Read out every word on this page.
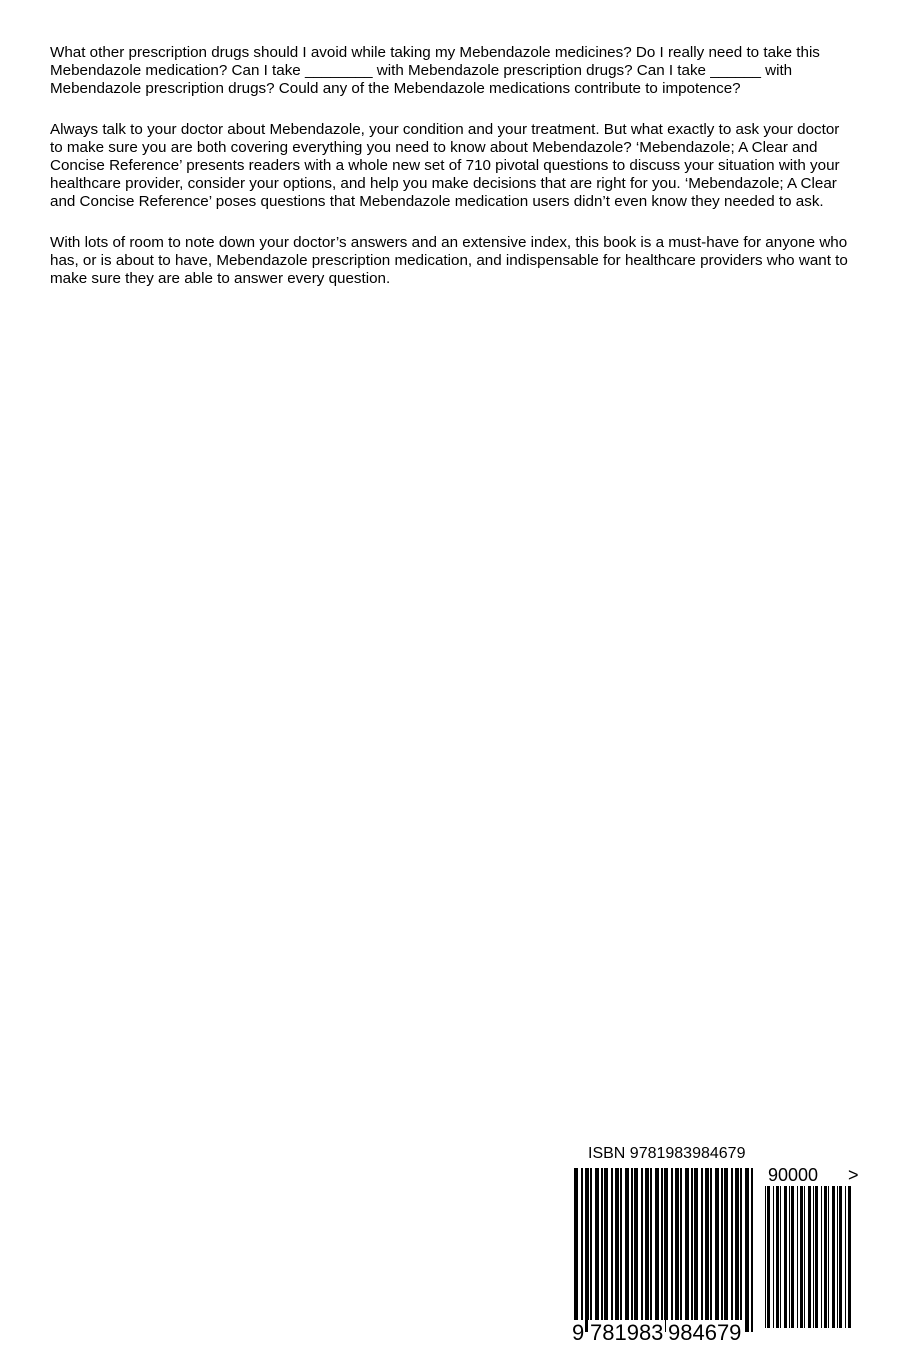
What other prescription drugs should I avoid while taking my Mebendazole medicines? Do I really need to take this Mebendazole medication? Can I take ________ with Mebendazole prescription drugs? Can I take ______ with Mebendazole prescription drugs? Could any of the Mebendazole medications contribute to impotence?

Always talk to your doctor about Mebendazole, your condition and your treatment. But what exactly to ask your doctor to make sure you are both covering everything you need to know about Mebendazole? ‘Mebendazole; A Clear and Concise Reference’ presents readers with a whole new set of 710 pivotal questions to discuss your situation with your healthcare provider, consider your options, and help you make decisions that are right for you. ‘Mebendazole; A Clear and Concise Reference’ poses questions that Mebendazole medication users didn’t even know they needed to ask.

With lots of room to note down your doctor’s answers and an extensive index, this book is a must-have for anyone who has, or is about to have, Mebendazole prescription medication, and indispensable for healthcare providers who want to make sure they are able to answer every question.

ISBN 9781983984679
90000 >
9 781983 984679
